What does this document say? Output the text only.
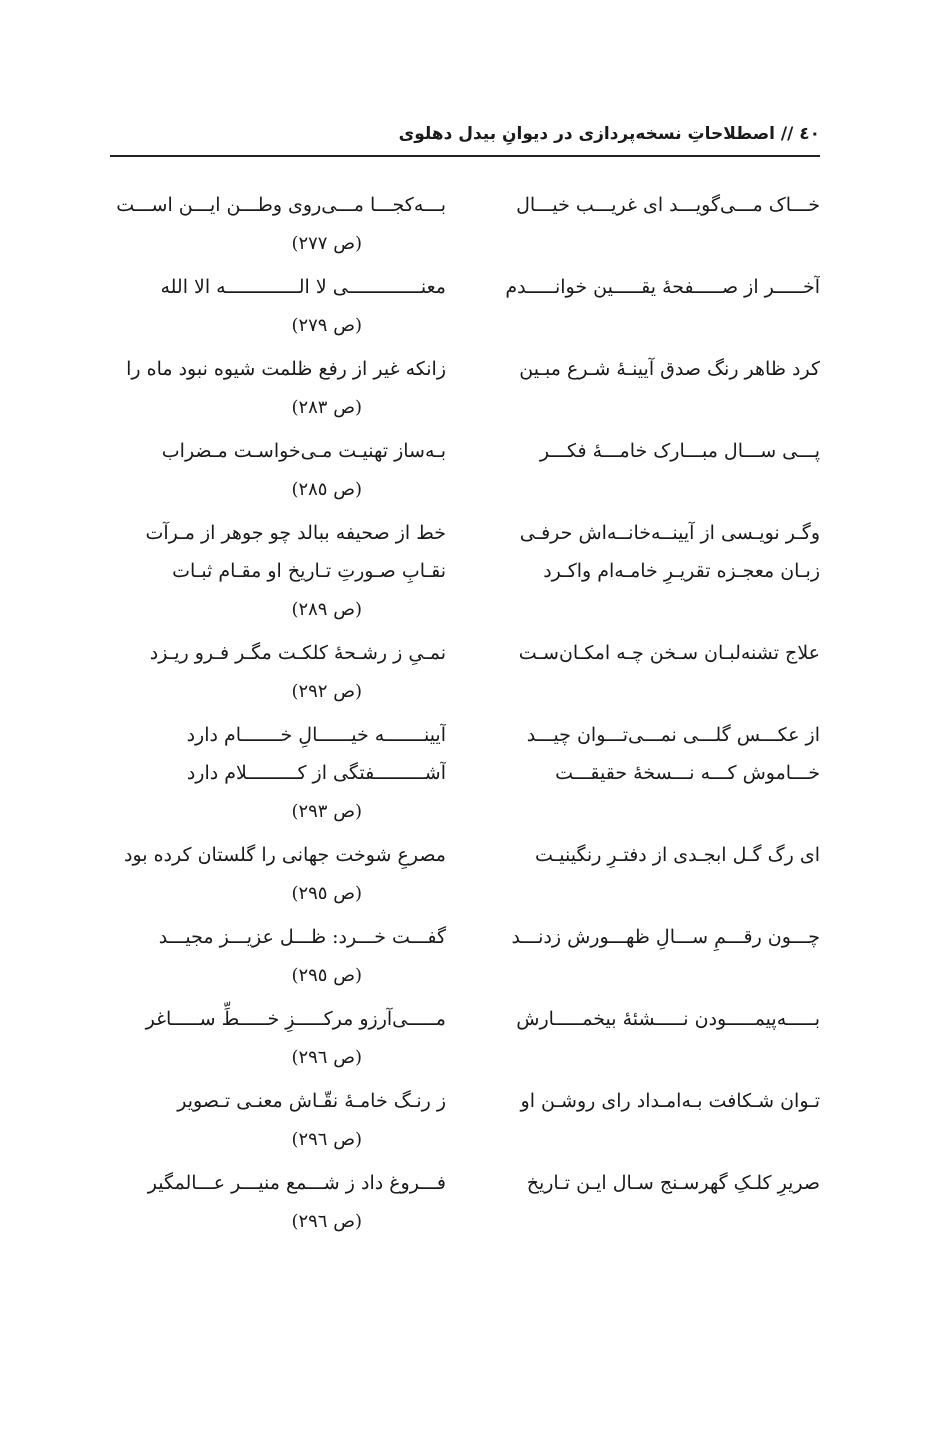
٤٠ // اصطلاحاتِ نسخه‌پردازی در دیوانِ بیدل دهلوی
خـــاک مـــی‌گویـــد ای غریـــب خیـــال
بـــه‌کجـــا مـــی‌روی وطـــن ایـــن اســـت
(ص ٢٧٧)
آخـــــر از صـــــفحهٔ یقـــــین خوانـــــدم
معنـــــــــــــی لا الـــــــــــــه الا الله
(ص ٢٧٩)
کرد ظاهر رنگ صدق آیینـهٔ شـرع مبـین
زانکه غیر از رفع ظلمت شیوه نبود ماه را
(ص ٢٨٣)
پـــی ســـال مبـــارک خامـــهٔ فکـــر
بـه‌ساز تهنیـت مـی‌خواسـت مـضراب
(ص ٢٨٥)
وگـر نویـسی از آیینــه‌خانــه‌اش حرفـی
خط از صحیفه ببالد چو جوهر از مـرآت
زبـان معجـزه تقریـرِ خامـه‌ام واکـرد
نقـابِ صـورتِ تـاریخ او مقـام ثبـات
(ص ٢٨٩)
علاج تشنه‌لبـان سـخن چـه امکـان‌سـت
نمـیِ ز رشـحهٔ کلکـت مگـر فـرو ریـزد
(ص ٢٩٢)
از عکـــس گلـــی نمـــی‌تـــوان چیـــد
آیینـــــــه خیــــــالِ خـــــــام دارد
خـــاموش کـــه نـــسخهٔ حقیقـــت
آشـــــــــفتگی از کـــــــــلام دارد
(ص ٢٩٣)
ای رگ گـل ابجـدی از دفتـرِ رنگینیـت
مصرعِ شوخت جهانی را گلستان کرده بود
(ص ٢٩٥)
چـــون رقـــمِ ســـالِ ظهـــورش زدنـــد
گفـــت خـــرد: ظـــل عزیـــز مجیـــد
(ص ٢٩٥)
بـــــه‌پیمـــــودن نـــــشئهٔ بیخمـــــارش
مـــــی‌آرزو مرکـــــزِ خـــــطِّ ســـــاغر
(ص ٢٩٦)
تـوان شـکافت بـه‌امـداد رای روشـن او
ز رنـگ خامـهٔ نقّـاش معنـی تـصویر
(ص ٢٩٦)
صریرِ کلـکِ گهرسـنج سـال ایـن تـاریخ
فـــروغ داد ز شـــمع منیـــر عـــالمگیر
(ص ٢٩٦)
